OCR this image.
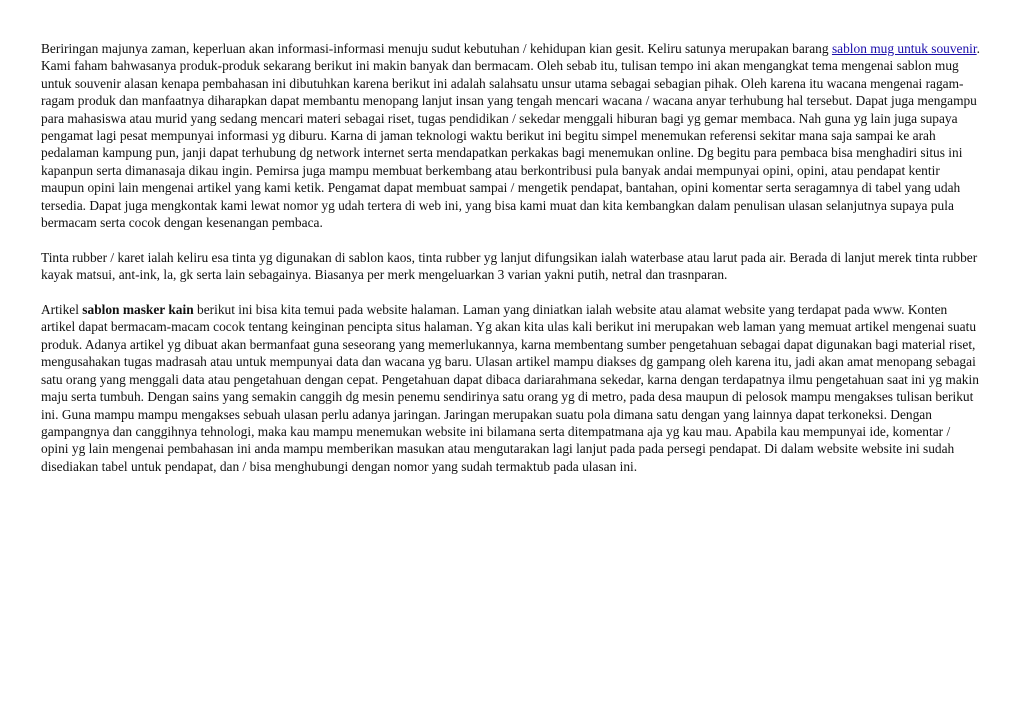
Beriringan majunya zaman, keperluan akan informasi-informasi menuju sudut kebutuhan / kehidupan kian gesit. Keliru satunya merupakan barang sablon mug untuk souvenir. Kami faham bahwasanya produk-produk sekarang berikut ini makin banyak dan bermacam. Oleh sebab itu, tulisan tempo ini akan mengangkat tema mengenai sablon mug untuk souvenir alasan kenapa pembahasan ini dibutuhkan karena berikut ini adalah salahsatu unsur utama sebagai sebagian pihak. Oleh karena itu wacana mengenai ragam-ragam produk dan manfaatnya diharapkan dapat membantu menopang lanjut insan yang tengah mencari wacana / wacana anyar terhubung hal tersebut. Dapat juga mengampu para mahasiswa atau murid yang sedang mencari materi sebagai riset, tugas pendidikan / sekedar menggali hiburan bagi yg gemar membaca. Nah guna yg lain juga supaya pengamat lagi pesat mempunyai informasi yg diburu. Karna di jaman teknologi waktu berikut ini begitu simpel menemukan referensi sekitar mana saja sampai ke arah pedalaman kampung pun, janji dapat terhubung dg network internet serta mendapatkan perkakas bagi menemukan online. Dg begitu para pembaca bisa menghadiri situs ini kapanpun serta dimanasaja dikau ingin. Pemirsa juga mampu membuat berkembang atau berkontribusi pula banyak andai mempunyai opini, opini, atau pendapat kentir maupun opini lain mengenai artikel yang kami ketik. Pengamat dapat membuat sampai / mengetik pendapat, bantahan, opini komentar serta seragamnya di tabel yang udah tersedia. Dapat juga mengkontak kami lewat nomor yg udah tertera di web ini, yang bisa kami muat dan kita kembangkan dalam penulisan ulasan selanjutnya supaya pula bermacam serta cocok dengan kesenangan pembaca.

Tinta rubber / karet ialah keliru esa tinta yg digunakan di sablon kaos, tinta rubber yg lanjut difungsikan ialah waterbase atau larut pada air. Berada di lanjut merek tinta rubber kayak matsui, ant-ink, la, gk serta lain sebagainya. Biasanya per merk mengeluarkan 3 varian yakni putih, netral dan trasnparan.

Artikel sablon masker kain berikut ini bisa kita temui pada website halaman. Laman yang diniatkan ialah website atau alamat website yang terdapat pada www. Konten artikel dapat bermacam-macam cocok tentang keinginan pencipta situs halaman. Yg akan kita ulas kali berikut ini merupakan web laman yang memuat artikel mengenai suatu produk. Adanya artikel yg dibuat akan bermanfaat guna seseorang yang memerlukannya, karna membentang sumber pengetahuan sebagai dapat digunakan bagi material riset, mengusahakan tugas madrasah atau untuk mempunyai data dan wacana yg baru. Ulasan artikel mampu diakses dg gampang oleh karena itu, jadi akan amat menopang sebagai satu orang yang menggali data atau pengetahuan dengan cepat. Pengetahuan dapat dibaca dariarahmana sekedar, karna dengan terdapatnya ilmu pengetahuan saat ini yg makin maju serta tumbuh. Dengan sains yang semakin canggih dg mesin penemu sendirinya satu orang yg di metro, pada desa maupun di pelosok mampu mengakses tulisan berikut ini. Guna mampu mampu mengakses sebuah ulasan perlu adanya jaringan. Jaringan merupakan suatu pola dimana satu dengan yang lainnya dapat terkoneksi. Dengan gampangnya dan canggihnya tehnologi, maka kau mampu menemukan website ini bilamana serta ditempatmana aja yg kau mau. Apabila kau mempunyai ide, komentar / opini yg lain mengenai pembahasan ini anda mampu memberikan masukan atau mengutarakan lagi lanjut pada pada persegi pendapat. Di dalam website website ini sudah disediakan tabel untuk pendapat, dan / bisa menghubungi dengan nomor yang sudah termaktub pada ulasan ini.
